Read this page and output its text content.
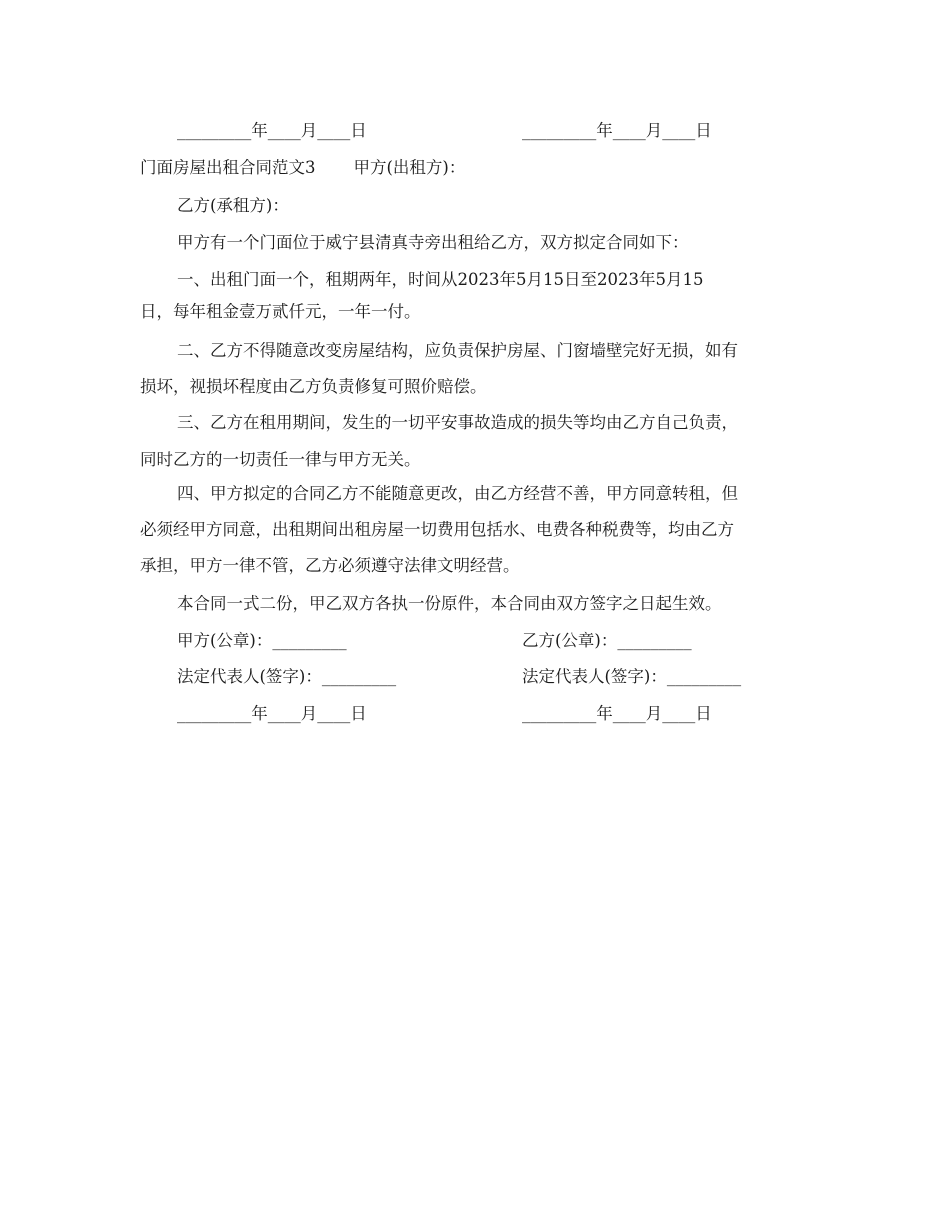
_________年____月____日	_________年____月____日
门面房屋出租合同范文3 甲方(出租方)：
乙方(承租方)：
甲方有一个门面位于威宁县清真寺旁出租给乙方，双方拟定合同如下：
一、出租门面一个，租期两年，时间从2023年5月15日至2023年5月15
日，每年租金壹万贰仟元，一年一付。
二、乙方不得随意改变房屋结构，应负责保护房屋、门窗墙壁完好无损，如有
损坏，视损坏程度由乙方负责修复可照价赔偿。
三、乙方在租用期间，发生的一切平安事故造成的损失等均由乙方自己负责，
同时乙方的一切责任一律与甲方无关。
四、甲方拟定的合同乙方不能随意更改，由乙方经营不善，甲方同意转租，但
必须经甲方同意，出租期间出租房屋一切费用包括水、电费各种税费等，均由乙方
承担，甲方一律不管，乙方必须遵守法律文明经营。
本合同一式二份，甲乙双方各执一份原件，本合同由双方签字之日起生效。
甲方(公章)：_________	乙方(公章)：_________
法定代表人(签字)：_________	法定代表人(签字)：_________
_________年____月____日	_________年____月____日
